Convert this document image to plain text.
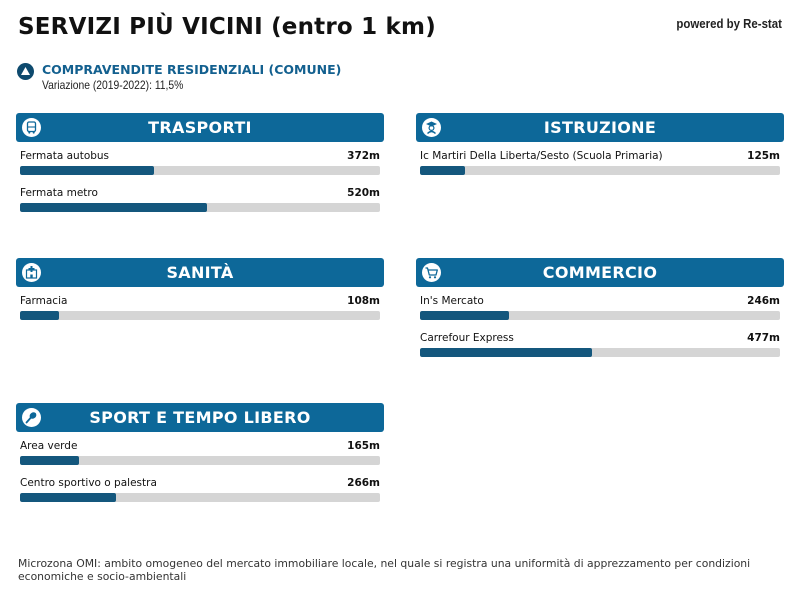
SERVIZI PIÙ VICINI (entro 1 km)	powered by Re-stat
COMPRAVENDITE RESIDENZIALI (COMUNE)
Variazione (2019-2022): 11,5%
TRASPORTI
Fermata autobus	372m
Fermata metro	520m
ISTRUZIONE
Ic Martiri Della Liberta/Sesto (Scuola Primaria)	125m
SANITÀ
Farmacia	108m
COMMERCIO
In's Mercato	246m
Carrefour Express	477m
SPORT E TEMPO LIBERO
Area verde	165m
Centro sportivo o palestra	266m
Microzona OMI: ambito omogeneo del mercato immobiliare locale, nel quale si registra una uniformità di apprezzamento per condizioni economiche e socio-ambientali
